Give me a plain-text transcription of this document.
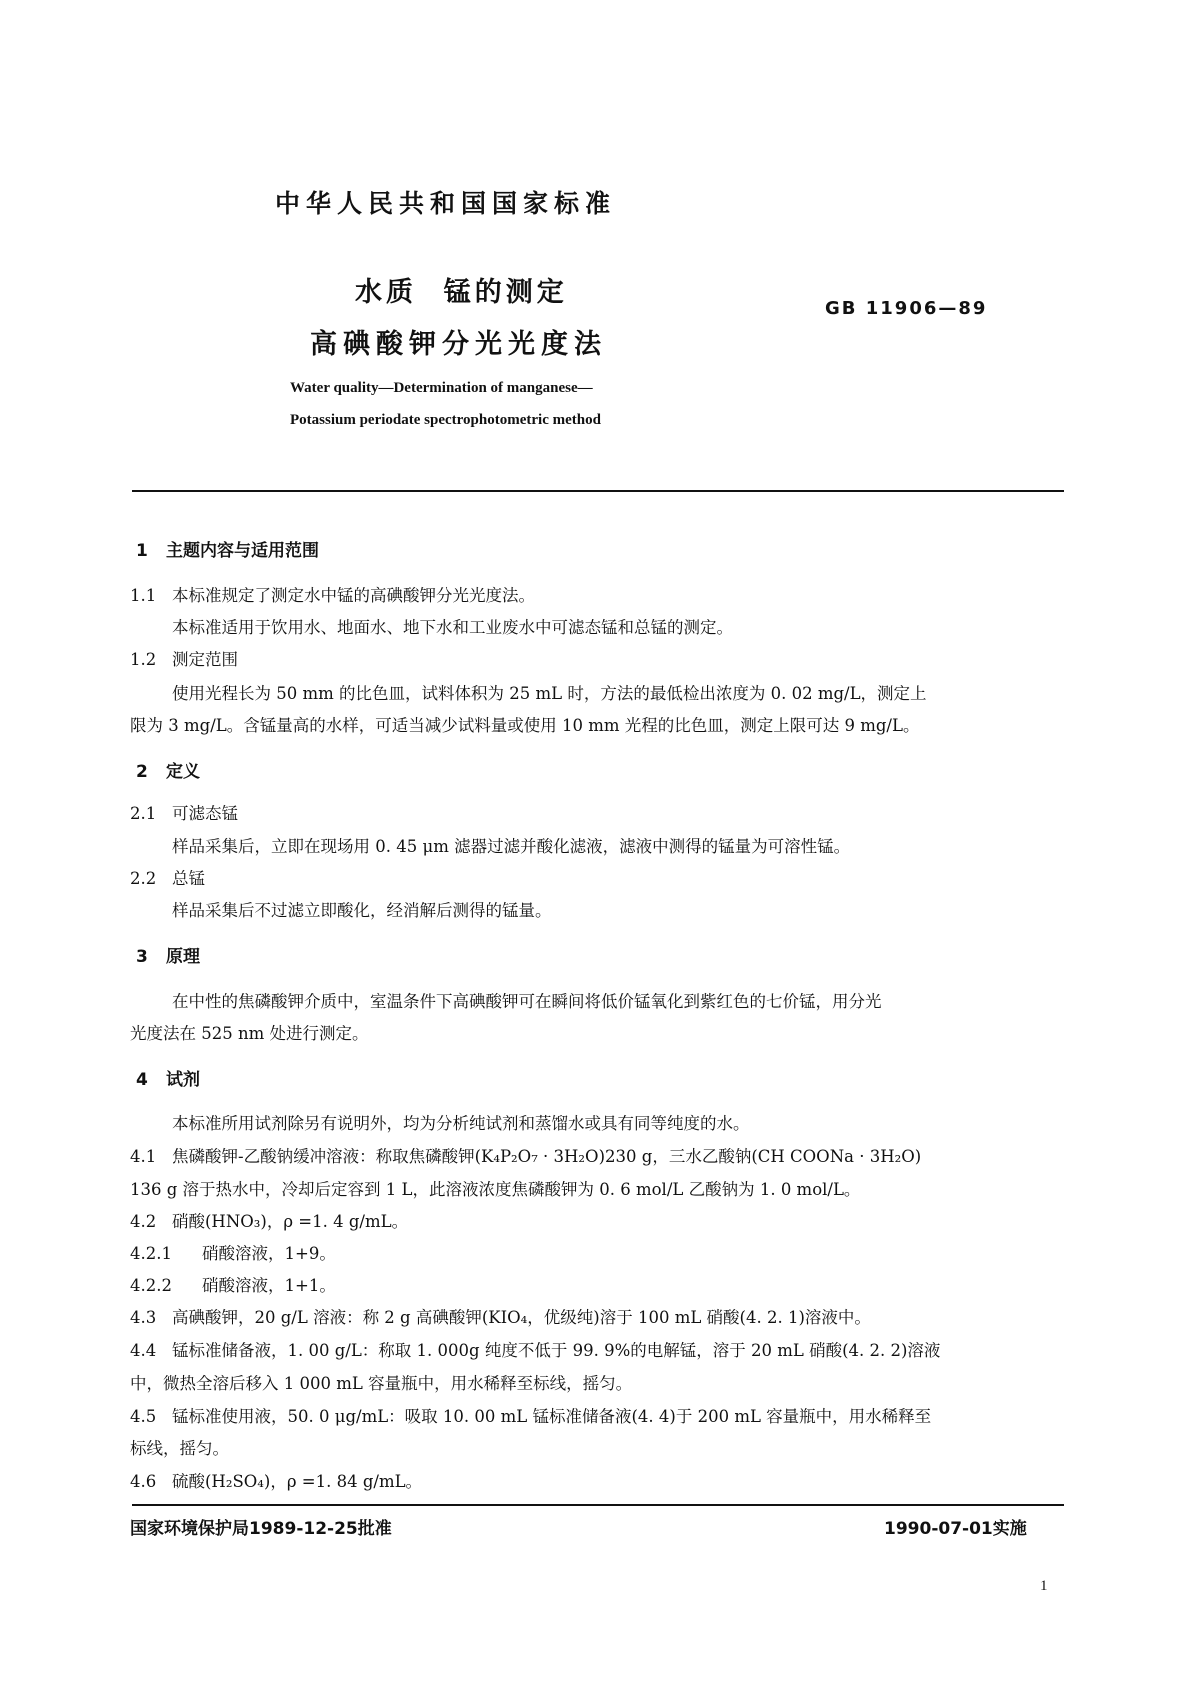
中华人民共和国国家标准
水质  锰的测定
高碘酸钾分光光度法
GB 11906—89
Water quality—Determination of manganese—
Potassium periodate spectrophotometric method
1 主题内容与适用范围
1.1 本标准规定了测定水中锰的高碘酸钾分光光度法。
本标准适用于饮用水、地面水、地下水和工业废水中可滤态锰和总锰的测定。
1.2 测定范围
使用光程长为 50 mm 的比色皿，试料体积为 25 mL 时，方法的最低检出浓度为 0. 02 mg/L，测定上
限为 3 mg/L。含锰量高的水样，可适当减少试料量或使用 10 mm 光程的比色皿，测定上限可达 9 mg/L。
2 定义
2.1 可滤态锰
样品采集后，立即在现场用 0. 45 μm 滤器过滤并酸化滤液，滤液中测得的锰量为可溶性锰。
2.2 总锰
样品采集后不过滤立即酸化，经消解后测得的锰量。
3 原理
在中性的焦磷酸钾介质中，室温条件下高碘酸钾可在瞬间将低价锰氧化到紫红色的七价锰，用分光
光度法在 525 nm 处进行测定。
4 试剂
本标准所用试剂除另有说明外，均为分析纯试剂和蒸馏水或具有同等纯度的水。
4.1 焦磷酸钾-乙酸钠缓冲溶液：称取焦磷酸钾(K₄P₂O₇ · 3H₂O)230 g，三水乙酸钠(CH COONa · 3H₂O)
136 g 溶于热水中，冷却后定容到 1 L，此溶液浓度焦磷酸钾为 0. 6 mol/L 乙酸钠为 1. 0 mol/L。
4.2 硝酸(HNO₃)，ρ =1. 4 g/mL。
4.2.1 硝酸溶液，1+9。
4.2.2 硝酸溶液，1+1。
4.3 高碘酸钾，20 g/L 溶液：称 2 g 高碘酸钾(KIO₄，优级纯)溶于 100 mL 硝酸(4. 2. 1)溶液中。
4.4 锰标准储备液，1. 00 g/L：称取 1. 000g 纯度不低于 99. 9%的电解锰，溶于 20 mL 硝酸(4. 2. 2)溶液
中，微热全溶后移入 1 000 mL 容量瓶中，用水稀释至标线，摇匀。
4.5 锰标准使用液，50. 0 μg/mL：吸取 10. 00 mL 锰标准储备液(4. 4)于 200 mL 容量瓶中，用水稀释至
标线，摇匀。
4.6 硫酸(H₂SO₄)，ρ =1. 84 g/mL。
国家环境保护局1989-12-25批准	1990-07-01实施
1
